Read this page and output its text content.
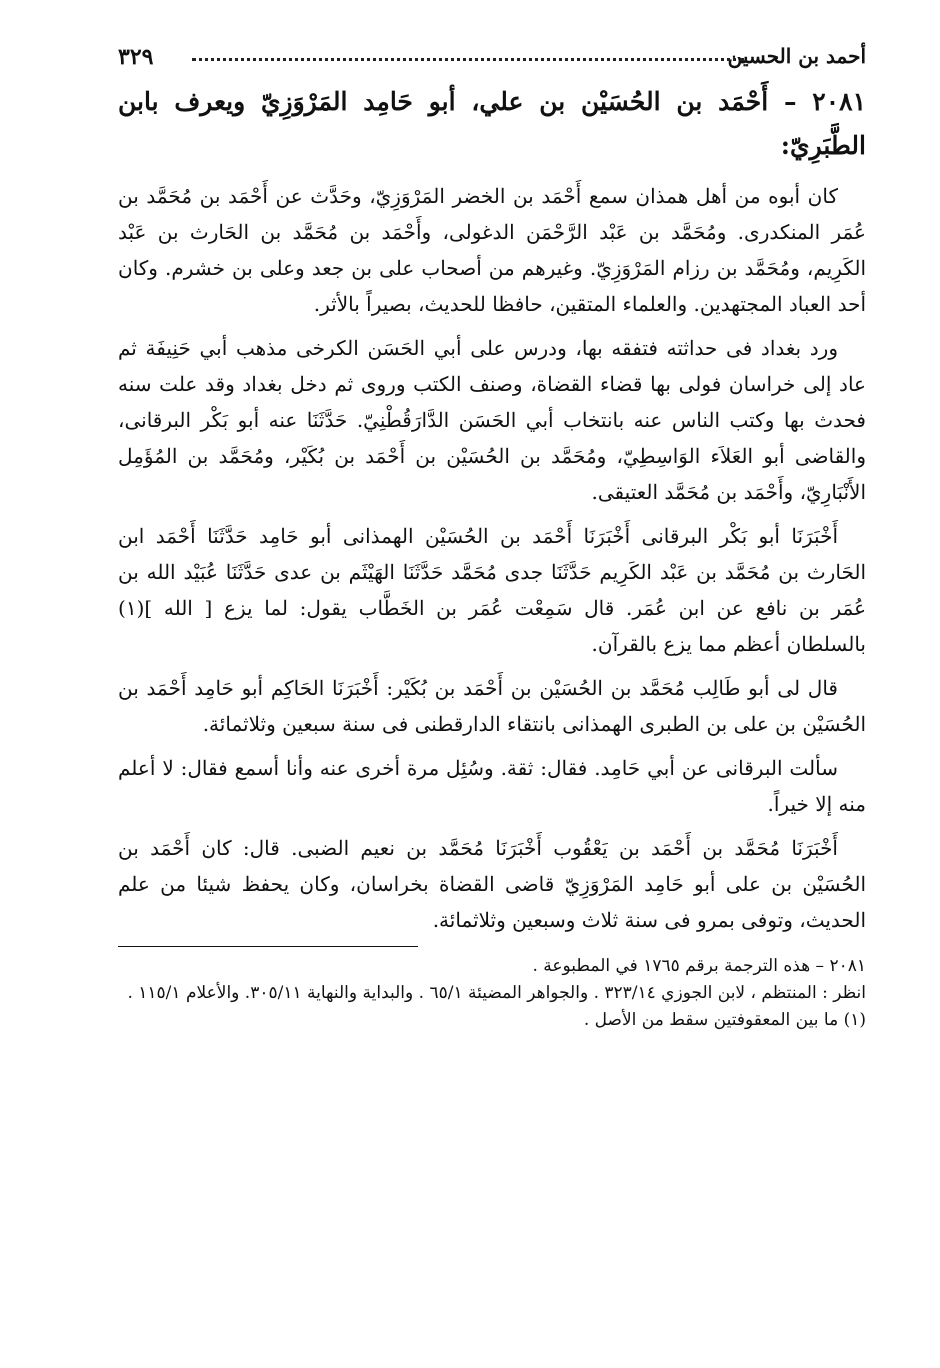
أحمد بن الحسين
٣٢٩
٢٠٨١ – أَحْمَد بن الحُسَيْن بن علي، أبو حَامِد المَرْوَزِيّ ويعرف بابن الطَّبَرِيّ:

كان أبوه من أهل همذان سمع أَحْمَد بن الخضر المَرْوَزِيّ، وحَدَّث عن أَحْمَد بن مُحَمَّد بن عُمَر المنكدرى. ومُحَمَّد بن عَبْد الرَّحْمَن الدغولى، وأَحْمَد بن مُحَمَّد بن الحَارث بن عَبْد الكَرِيم، ومُحَمَّد بن رزام المَرْوَزِيّ. وغيرهم من أصحاب على بن جعد وعلى بن خشرم. وكان أحد العباد المجتهدين. والعلماء المتقين، حافظا للحديث، بصيراً بالأثر.

ورد بغداد فى حداثته فتفقه بها، ودرس على أبي الحَسَن الكرخى مذهب أبي حَنِيفَة ثم عاد إلى خراسان فولى بها قضاء القضاة، وصنف الكتب وروى ثم دخل بغداد وقد علت سنه فحدث بها وكتب الناس عنه بانتخاب أبي الحَسَن الدَّارَقُطْنِيّ. حَدَّثَنَا عنه أبو بَكْر البرقانى، والقاضى أبو العَلاَء الوَاسِطِيّ، ومُحَمَّد بن الحُسَيْن بن أَحْمَد بن بُكَيْر، ومُحَمَّد بن المُؤَمِل الأَنْبَارِيّ، وأَحْمَد بن مُحَمَّد العتيقى.

أَخْبَرَنَا أبو بَكْر البرقانى أَخْبَرَنَا أَحْمَد بن الحُسَيْن الهمذانى أبو حَامِد حَدَّثَنَا أَحْمَد ابن الحَارث بن مُحَمَّد بن عَبْد الكَرِيم حَدَّثَنَا جدى مُحَمَّد حَدَّثَنَا الهَيْثَم بن عدى حَدَّثَنَا عُبَيْد الله بن عُمَر بن نافع عن ابن عُمَر. قال سَمِعْت عُمَر بن الخَطَّاب يقول: لما يزع [ الله ](١) بالسلطان أعظم مما يزع بالقرآن.

قال لى أبو طَالِب مُحَمَّد بن الحُسَيْن بن أَحْمَد بن بُكَيْر: أَخْبَرَنَا الحَاكِم أبو حَامِد أَحْمَد بن الحُسَيْن بن على بن الطبرى الهمذانى بانتقاء الدارقطنى فى سنة سبعين وثلاثمائة.

سألت البرقانى عن أبي حَامِد. فقال: ثقة. وسُئِل مرة أخرى عنه وأنا أسمع فقال: لا أعلم منه إلا خيراً.

أَخْبَرَنَا مُحَمَّد بن أَحْمَد بن يَعْقُوب أَخْبَرَنَا مُحَمَّد بن نعيم الضبى. قال: كان أَحْمَد بن الحُسَيْن بن على أبو حَامِد المَرْوَزِيّ قاضى القضاة بخراسان، وكان يحفظ شيئا من علم الحديث، وتوفى بمرو فى سنة ثلاث وسبعين وثلاثمائة.

٢٠٨١ – هذه الترجمة برقم ١٧٦٥ في المطبوعة .

انظر : المنتظم ، لابن الجوزي ٣٢٣/١٤ . والجواهر المضيئة ٦٥/١ . والبداية والنهاية ٣٠٥/١١. والأعلام ١١٥/١ .

(١) ما بين المعقوفتين سقط من الأصل .
